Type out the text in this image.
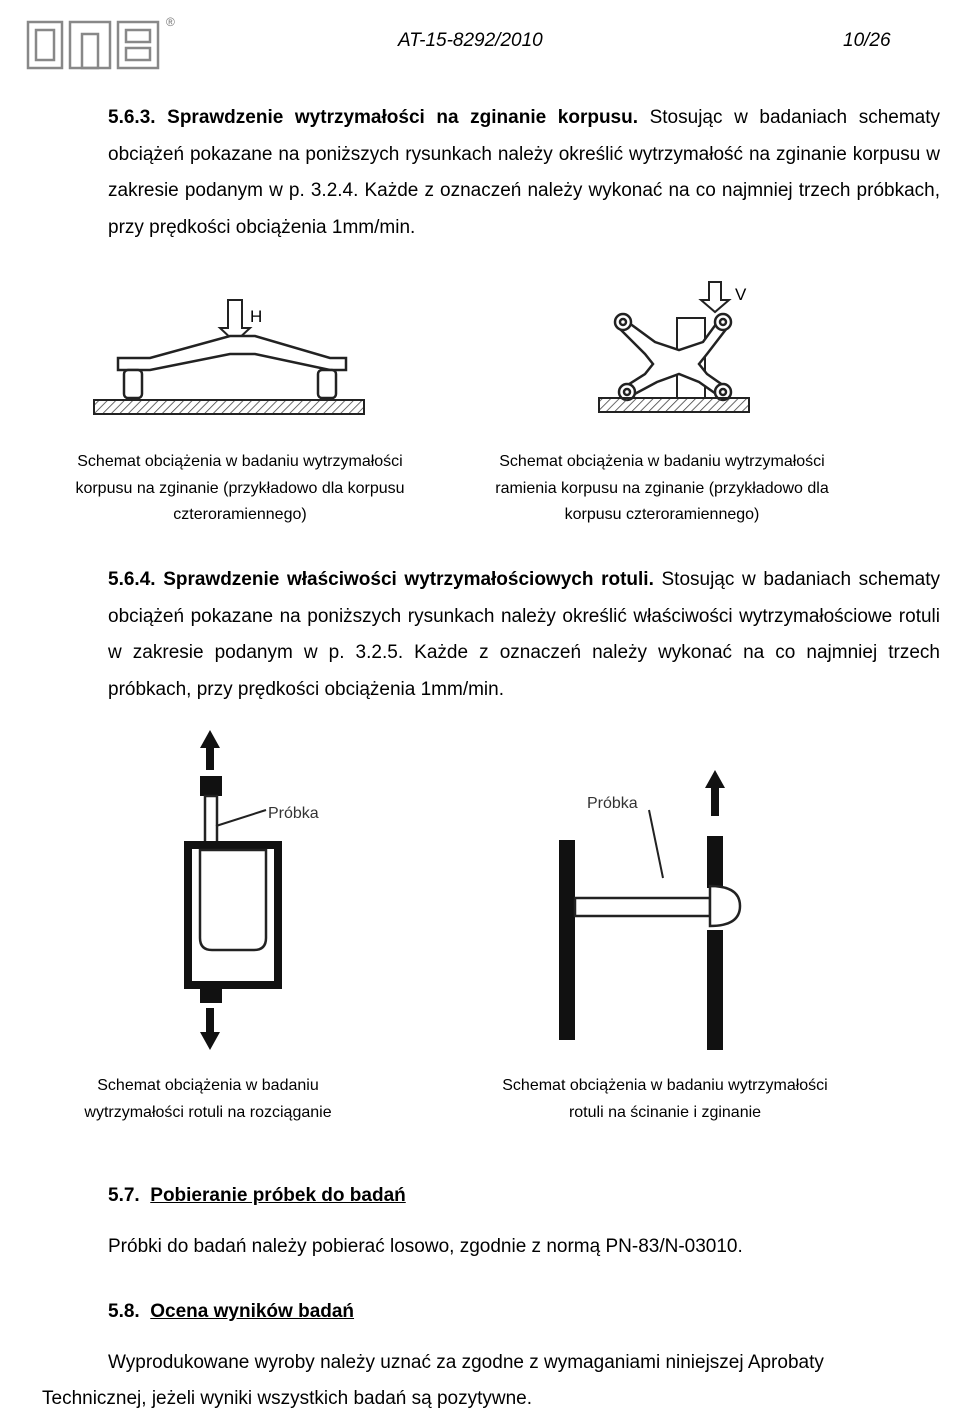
®
AT-15-8292/2010	10/26
5.6.3. Sprawdzenie wytrzymałości na zginanie korpusu. Stosując w badaniach schematy obciążeń pokazane na poniższych rysunkach należy określić wytrzymałość na zginanie korpusu w zakresie podanym w p. 3.2.4. Każde z oznaczeń należy wykonać na co najmniej trzech próbkach, przy prędkości obciążenia 1mm/min.
H
V
Schemat obciążenia w badaniu wytrzymałości
korpusu na zginanie (przykładowo dla korpusu
czteroramiennego)
Schemat obciążenia w badaniu wytrzymałości
ramienia korpusu na zginanie (przykładowo dla
korpusu czteroramiennego)
5.6.4. Sprawdzenie właściwości wytrzymałościowych rotuli. Stosując w badaniach schematy obciążeń pokazane na poniższych rysunkach należy określić właściwości wytrzymałościowe rotuli w zakresie podanym w p. 3.2.5. Każde z oznaczeń należy wykonać na co najmniej trzech próbkach, przy prędkości obciążenia 1mm/min.
Próbka
Próbka
Schemat obciążenia w badaniu
wytrzymałości rotuli na rozciąganie
Schemat obciążenia w badaniu wytrzymałości
rotuli na ścinanie i zginanie
5.7. Pobieranie próbek do badań
Próbki do badań należy pobierać losowo, zgodnie z normą PN-83/N-03010.
5.8. Ocena wyników badań
Wyprodukowane wyroby należy uznać za zgodne z wymaganiami niniejszej Aprobaty
Technicznej, jeżeli wyniki wszystkich badań są pozytywne.
